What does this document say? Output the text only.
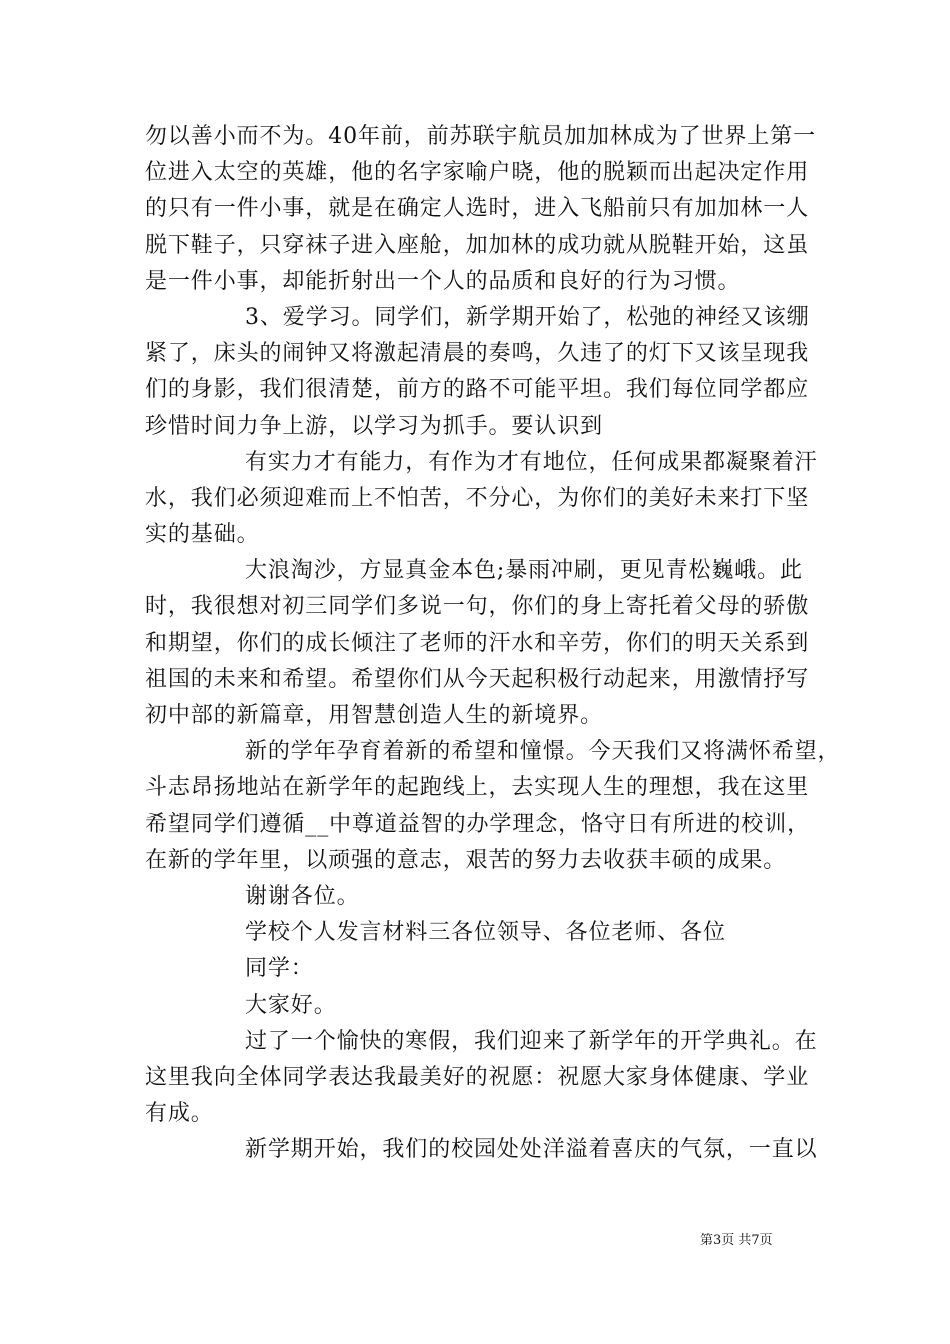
勿以善小而不为。40年前，前苏联宇航员加加林成为了世界上第一
位进入太空的英雄，他的名字家喻户晓，他的脱颖而出起决定作用
的只有一件小事，就是在确定人选时，进入飞船前只有加加林一人
脱下鞋子，只穿袜子进入座舱，加加林的成功就从脱鞋开始，这虽
是一件小事，却能折射出一个人的品质和良好的行为习惯。
3、爱学习。同学们，新学期开始了，松弛的神经又该绷
紧了，床头的闹钟又将激起清晨的奏鸣，久违了的灯下又该呈现我
们的身影，我们很清楚，前方的路不可能平坦。我们每位同学都应
珍惜时间力争上游，以学习为抓手。要认识到
有实力才有能力，有作为才有地位，任何成果都凝聚着汗
水，我们必须迎难而上不怕苦，不分心，为你们的美好未来打下坚
实的基础。
大浪淘沙，方显真金本色;暴雨冲刷，更见青松巍峨。此
时，我很想对初三同学们多说一句，你们的身上寄托着父母的骄傲
和期望，你们的成长倾注了老师的汗水和辛劳，你们的明天关系到
祖国的未来和希望。希望你们从今天起积极行动起来，用激情抒写
初中部的新篇章，用智慧创造人生的新境界。
新的学年孕育着新的希望和憧憬。今天我们又将满怀希望，
斗志昂扬地站在新学年的起跑线上，去实现人生的理想，我在这里
希望同学们遵循__中尊道益智的办学理念，恪守日有所进的校训，
在新的学年里，以顽强的意志，艰苦的努力去收获丰硕的成果。
谢谢各位。
学校个人发言材料三各位领导、各位老师、各位
同学：
大家好。
过了一个愉快的寒假，我们迎来了新学年的开学典礼。在
这里我向全体同学表达我最美好的祝愿：祝愿大家身体健康、学业
有成。
新学期开始，我们的校园处处洋溢着喜庆的气氛，一直以
第3页 共7页
